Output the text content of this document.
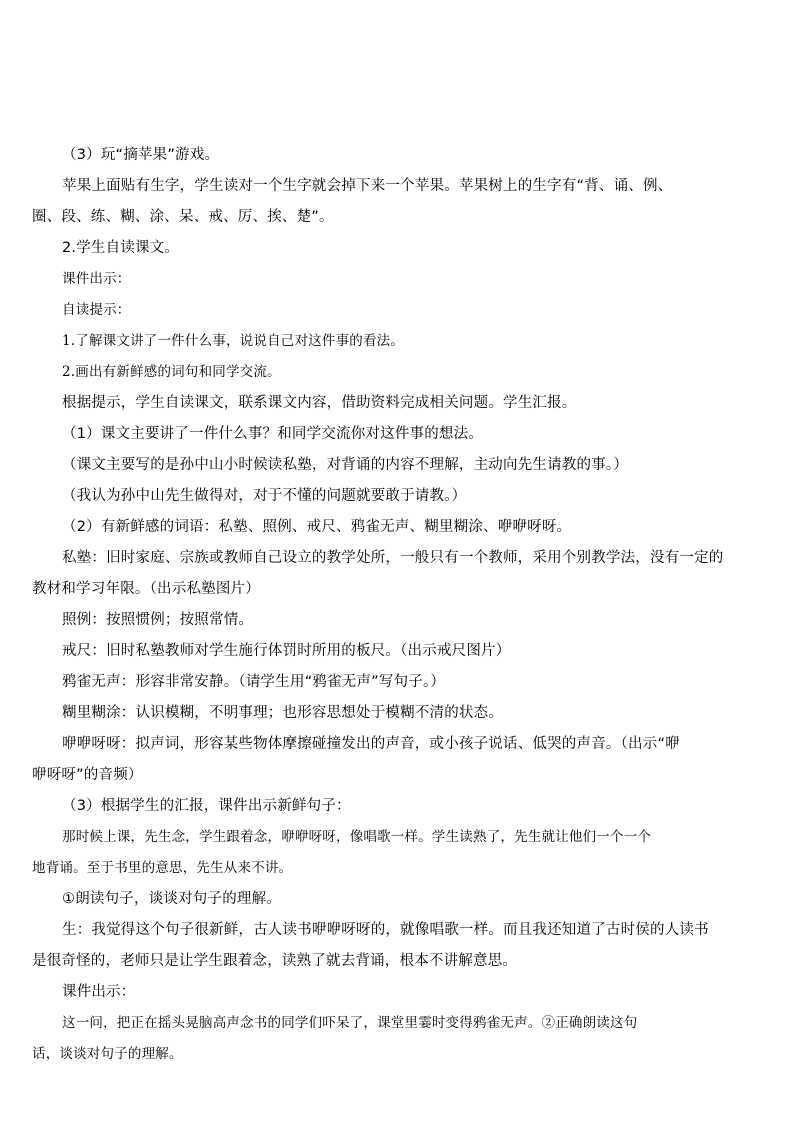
（3）玩“摘苹果”游戏。

苹果上面贴有生字，学生读对一个生字就会掉下来一个苹果。苹果树上的生字有“背、诵、例、

圈、段、练、糊、涂、呆、戒、厉、挨、楚”。

2.学生自读课文。

课件出示：

自读提示：

1.了解课文讲了一件什么事，说说自己对这件事的看法。

2.画出有新鲜感的词句和同学交流。

根据提示，学生自读课文，联系课文内容，借助资料完成相关问题。学生汇报。

（1）课文主要讲了一件什么事？和同学交流你对这件事的想法。

（课文主要写的是孙中山小时候读私塾，对背诵的内容不理解，主动向先生请教的事。）

（我认为孙中山先生做得对，对于不懂的问题就要敢于请教。）

（2）有新鲜感的词语：私塾、照例、戒尺、鸦雀无声、糊里糊涂、咿咿呀呀。

私塾：旧时家庭、宗族或教师自己设立的教学处所，一般只有一个教师，采用个别教学法，没有一定的

教材和学习年限。（出示私塾图片）

照例：按照惯例；按照常情。

戒尺：旧时私塾教师对学生施行体罚时所用的板尺。（出示戒尺图片）

鸦雀无声：形容非常安静。（请学生用“鸦雀无声”写句子。）

糊里糊涂：认识模糊，不明事理；也形容思想处于模糊不清的状态。

咿咿呀呀：拟声词，形容某些物体摩擦碰撞发出的声音，或小孩子说话、低哭的声音。（出示“咿

咿呀呀”的音频）

（3）根据学生的汇报，课件出示新鲜句子：

那时候上课，先生念，学生跟着念，咿咿呀呀，像唱歌一样。学生读熟了，先生就让他们一个一个

地背诵。至于书里的意思，先生从来不讲。

①朗读句子，谈谈对句子的理解。

生：我觉得这个句子很新鲜，古人读书咿咿呀呀的，就像唱歌一样。而且我还知道了古时侯的人读书

是很奇怪的，老师只是让学生跟着念，读熟了就去背诵，根本不讲解意思。

课件出示：

这一问，把正在摇头晃脑高声念书的同学们吓呆了，课堂里霎时变得鸦雀无声。②正确朗读这句

话，谈谈对句子的理解。
